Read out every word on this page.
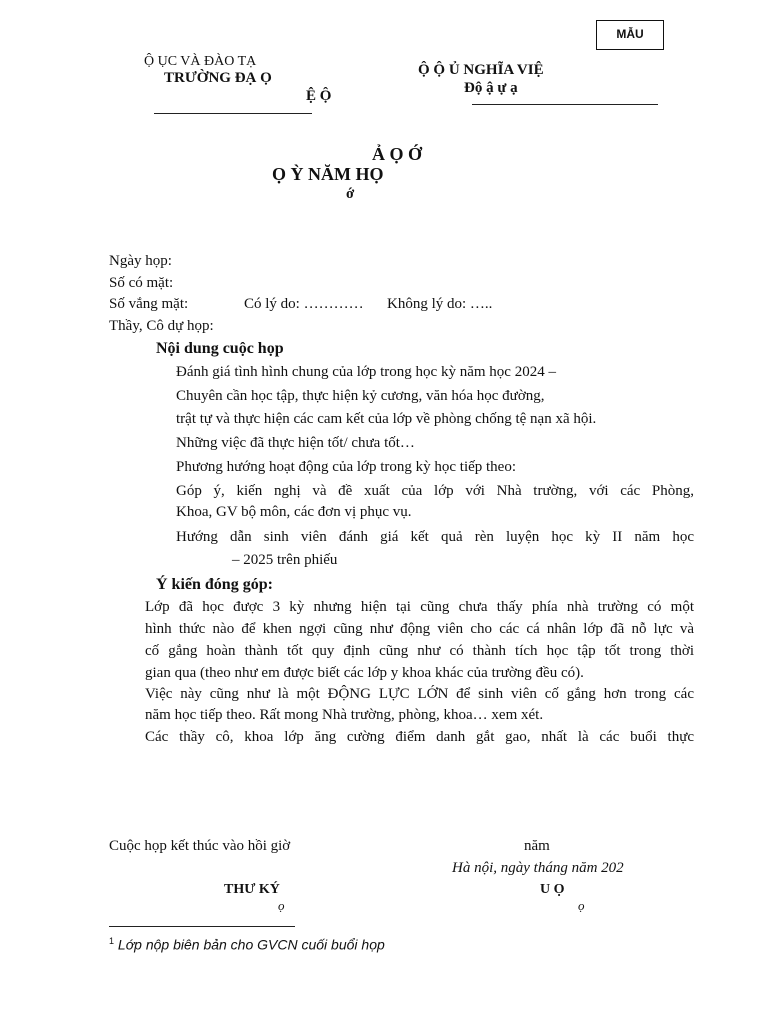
MẪU
Ộ ỤC VÀ ĐÀO TẠ
TRƯỜNG ĐẠ Ọ
Ệ Ộ
Ộ Ộ Ủ NGHĨA VIỆ
Độ ậ ự ạ
Ả Ọ Ớ
Ọ Ỳ NĂM HỌ
ớ
Ngày họp:
Số có mặt:
Số vắng mặt:	Có lý do: ………… Không lý do: …..
Thầy, Cô dự họp:
Nội dung cuộc họp
Đánh giá tình hình chung của lớp trong học kỳ năm học 2024 –
Chuyên cần học tập, thực hiện kỷ cương, văn hóa học đường,
trật tự và thực hiện các cam kết của lớp về phòng chống tệ nạn xã hội.
Những việc đã thực hiện tốt/ chưa tốt…
Phương hướng hoạt động của lớp trong kỳ học tiếp theo:
Góp ý, kiến nghị và đề xuất của lớp với Nhà trường, với các Phòng,
Khoa, GV bộ môn, các đơn vị phục vụ.
Hướng dẫn sinh viên đánh giá kết quả rèn luyện học kỳ II năm học
– 2025 trên phiếu
Ý kiến đóng góp:
Lớp đã học được 3 kỳ nhưng hiện tại cũng chưa thấy phía nhà trường có một
hình thức nào để khen ngợi cũng như động viên cho các cá nhân lớp đã nỗ lực và
cố gắng hoàn thành tốt quy định cũng như có thành tích học tập tốt trong thời
gian qua (theo như em được biết các lớp y khoa khác của trường đều có).
Việc này cũng như là một ĐỘNG LỰC LỚN để sinh viên cố gắng hơn trong các
năm học tiếp theo. Rất mong Nhà trường, phòng, khoa… xem xét.
Các thầy cô, khoa lớp ăng cường điểm danh gắt gao, nhất là các buổi thực
Cuộc họp kết thúc vào hồi giờ	năm
Hà nội, ngày tháng năm 202
THƯ KÝ
ọ
U Ọ
ọ
$^1$ Lớp nộp biên bản cho GVCN cuối buổi họp
